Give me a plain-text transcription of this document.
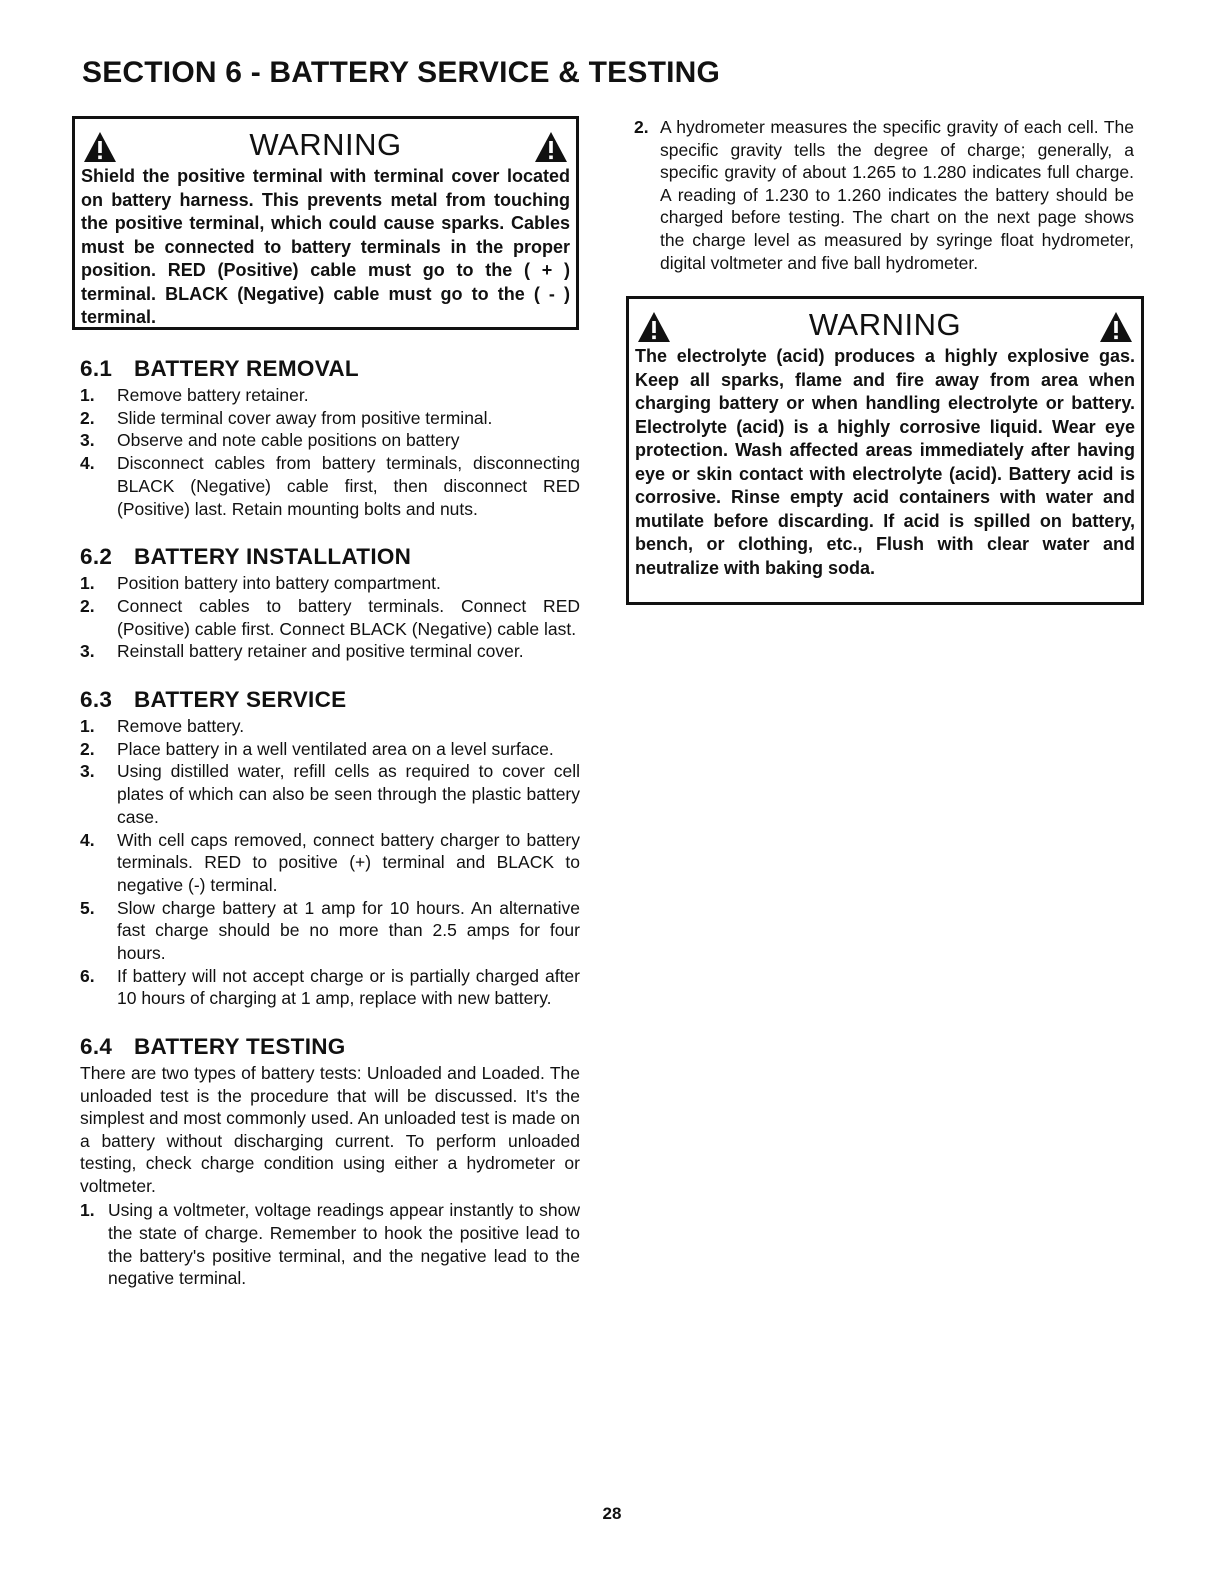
SECTION 6 - BATTERY SERVICE & TESTING
WARNING

Shield the positive terminal with terminal cover located on battery harness. This prevents metal from touching the positive terminal, which could cause sparks. Cables must be connected to battery terminals in the proper position. RED (Positive) cable must go to the ( + ) terminal. BLACK (Negative) cable must go to the ( - ) terminal.

6.1 BATTERY REMOVAL
1. Remove battery retainer.
2. Slide terminal cover away from positive terminal.
3. Observe and note cable positions on battery
4. Disconnect cables from battery terminals, disconnecting BLACK (Negative) cable first, then disconnect RED (Positive) last. Retain mounting bolts and nuts.
6.2 BATTERY INSTALLATION
1. Position battery into battery compartment.
2. Connect cables to battery terminals. Connect RED (Positive) cable first. Connect BLACK (Negative) cable last.
3. Reinstall battery retainer and positive terminal cover.
6.3 BATTERY SERVICE
1. Remove battery.
2. Place battery in a well ventilated area on a level surface.
3. Using distilled water, refill cells as required to cover cell plates of which can also be seen through the plastic battery case.
4. With cell caps removed, connect battery charger to battery terminals. RED to positive (+) terminal and BLACK to negative (-) terminal.
5. Slow charge battery at 1 amp for 10 hours. An alternative fast charge should be no more than 2.5 amps for four hours.
6. If battery will not accept charge or is partially charged after 10 hours of charging at 1 amp, replace with new battery.
6.4 BATTERY TESTING

There are two types of battery tests: Unloaded and Loaded. The unloaded test is the procedure that will be discussed. It's the simplest and most commonly used. An unloaded test is made on a battery without discharging current. To perform unloaded testing, check charge condition using either a hydrometer or voltmeter.

1. Using a voltmeter, voltage readings appear instantly to show the state of charge. Remember to hook the positive lead to the battery's positive terminal, and the negative lead to the negative terminal.

2. A hydrometer measures the specific gravity of each cell. The specific gravity tells the degree of charge; generally, a specific gravity of about 1.265 to 1.280 indicates full charge. A reading of 1.230 to 1.260 indicates the battery should be charged before testing. The chart on the next page shows the charge level as measured by syringe float hydrometer, digital voltmeter and five ball hydrometer.

WARNING

The electrolyte (acid) produces a highly explosive gas. Keep all sparks, flame and fire away from area when charging battery or when handling electrolyte or battery. Electrolyte (acid) is a highly corrosive liquid. Wear eye protection. Wash affected areas immediately after having eye or skin contact with electrolyte (acid). Battery acid is corrosive. Rinse empty acid containers with water and mutilate before discarding. If acid is spilled on battery, bench, or clothing, etc., Flush with clear water and neutralize with baking soda.

28
